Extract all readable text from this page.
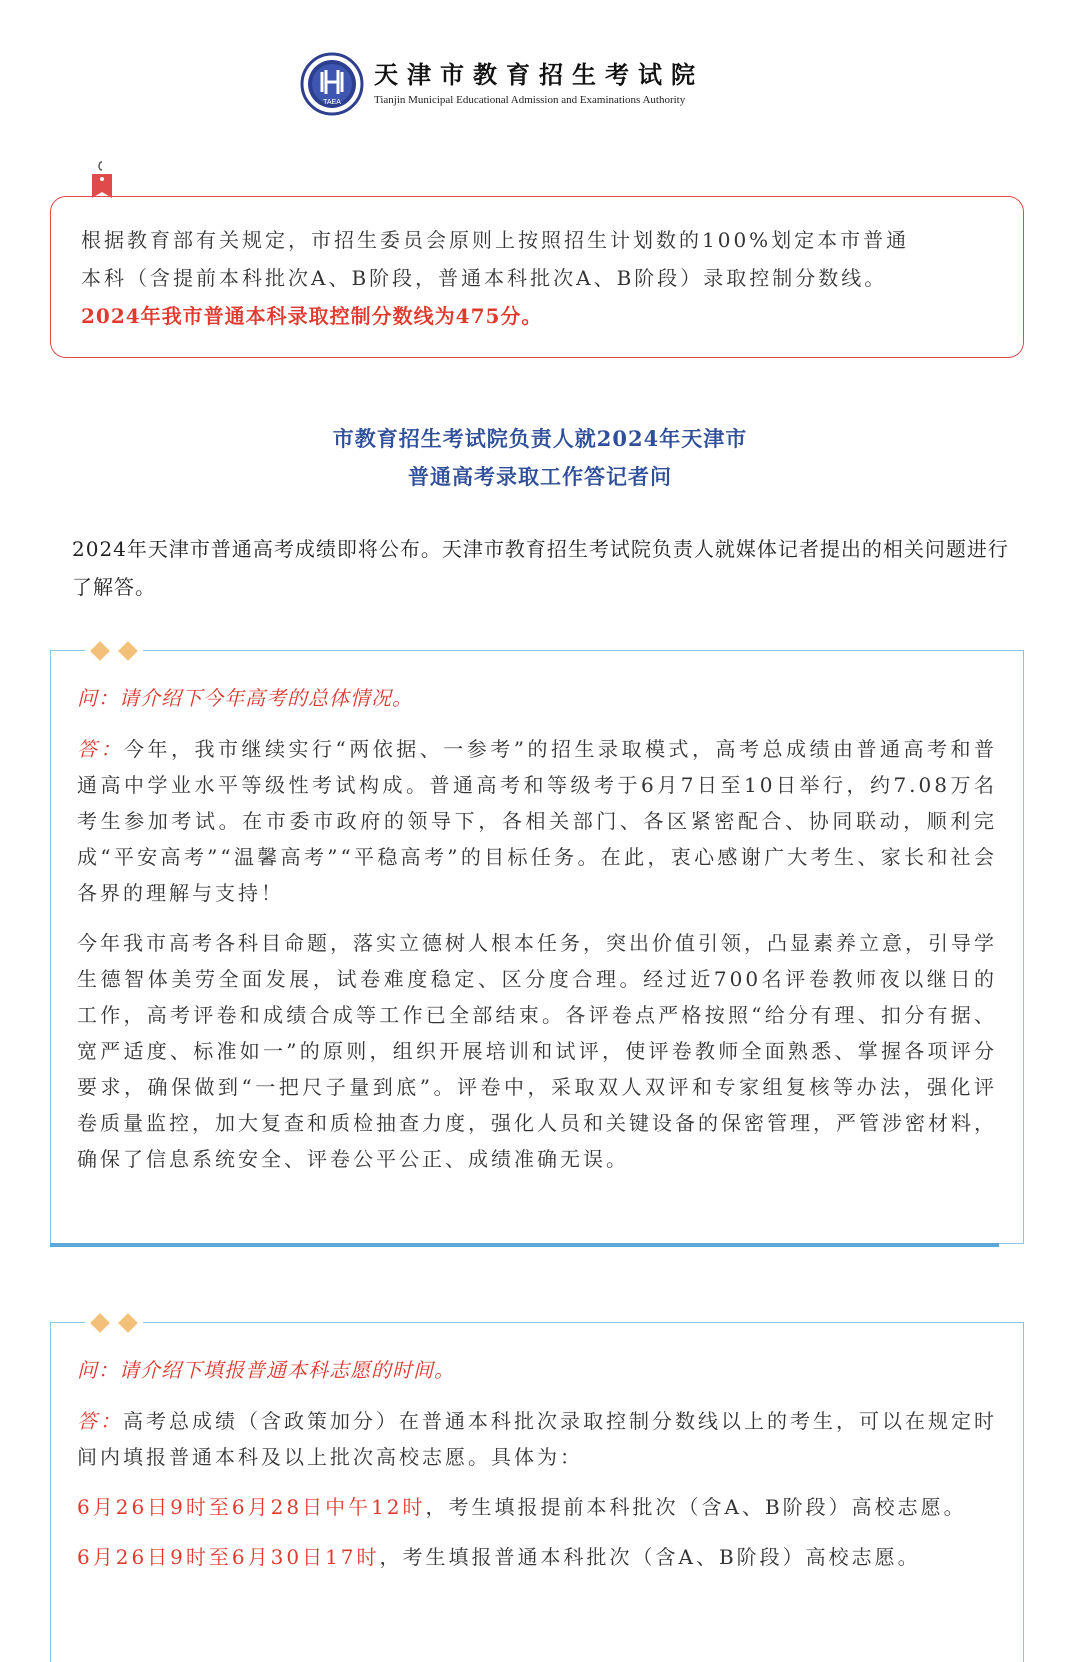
TAEA
天津市教育招生考试院
Tianjin Municipal Educational Admission and Examinations Authority

根据教育部有关规定，市招生委员会原则上按照招生计划数的100%划定本市普通

本科（含提前本科批次A、B阶段，普通本科批次A、B阶段）录取控制分数线。

2024年我市普通本科录取控制分数线为475分。

市教育招生考试院负责人就2024年天津市
普通高考录取工作答记者问

2024年天津市普通高考成绩即将公布。天津市教育招生考试院负责人就媒体记者提出的相关问题进行了解答。

问：请介绍下今年高考的总体情况。

答：今年，我市继续实行“两依据、一参考”的招生录取模式，高考总成绩由普通高考和普通高中学业水平等级性考试构成。普通高考和等级考于6月7日至10日举行，约7.08万名考生参加考试。在市委市政府的领导下，各相关部门、各区紧密配合、协同联动，顺利完成“平安高考”“温馨高考”“平稳高考”的目标任务。在此，衷心感谢广大考生、家长和社会各界的理解与支持！

今年我市高考各科目命题，落实立德树人根本任务，突出价值引领，凸显素养立意，引导学生德智体美劳全面发展，试卷难度稳定、区分度合理。经过近700名评卷教师夜以继日的工作，高考评卷和成绩合成等工作已全部结束。各评卷点严格按照“给分有理、扣分有据、宽严适度、标准如一”的原则，组织开展培训和试评，使评卷教师全面熟悉、掌握各项评分要求，确保做到“一把尺子量到底”。评卷中，采取双人双评和专家组复核等办法，强化评卷质量监控，加大复查和质检抽查力度，强化人员和关键设备的保密管理，严管涉密材料，确保了信息系统安全、评卷公平公正、成绩准确无误。

问：请介绍下填报普通本科志愿的时间。

答：高考总成绩（含政策加分）在普通本科批次录取控制分数线以上的考生，可以在规定时间内填报普通本科及以上批次高校志愿。具体为：

6月26日9时至6月28日中午12时，考生填报提前本科批次（含A、B阶段）高校志愿。

6月26日9时至6月30日17时，考生填报普通本科批次（含A、B阶段）高校志愿。
